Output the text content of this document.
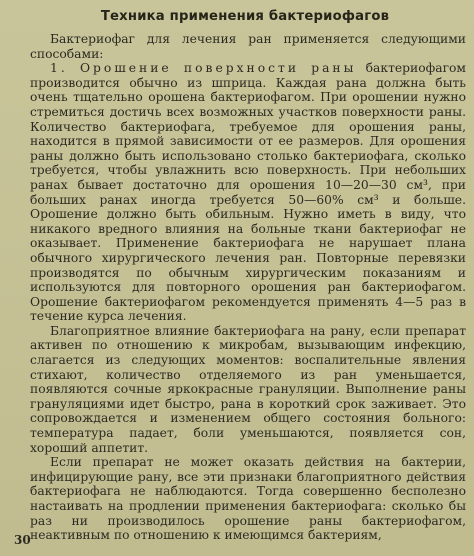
Техника применения бактериофагов

Бактериофаг для лечения ран применяется следующими способами:

1. Орошение поверхности раны бактериофагом производится обычно из шприца. Каждая рана должна быть очень тщательно орошена бактериофагом. При орошении нужно стремиться достичь всех возможных участков поверхности раны. Количество бактериофага, требуемое для орошения раны, находится в прямой зависимости от ее размеров. Для орошения раны должно быть использовано столько бактериофага, сколько требуется, чтобы увлажнить всю поверхность. При небольших ранах бывает достаточно для орошения 10—20—30 см³, при больших ранах иногда требуется 50—60% см³ и больше. Орошение должно быть обильным. Нужно иметь в виду, что никакого вредного влияния на больные ткани бактериофаг не оказывает. Применение бактериофага не нарушает плана обычного хирургического лечения ран. Повторные перевязки производятся по обычным хирургическим показаниям и используются для повторного орошения ран бактериофагом. Орошение бактериофагом рекомендуется применять 4—5 раз в течение курса лечения.

Благоприятное влияние бактериофага на рану, если препарат активен по отношению к микробам, вызывающим инфекцию, слагается из следующих моментов: воспалительные явления стихают, количество отделяемого из ран уменьшается, появляются сочные яркокрасные грануляции. Выполнение раны грануляциями идет быстро, рана в короткий срок заживает. Это сопровождается и изменением общего состояния больного: температура падает, боли уменьшаются, появляется сон, хороший аппетит.

Если препарат не может оказать действия на бактерии, инфицирующие рану, все эти признаки благоприятного действия бактериофага не наблюдаются. Тогда совершенно бесполезно настаивать на продлении применения бактериофага: сколько бы раз ни производилось орошение раны бактериофагом, неактивным по отношению к имеющимся бактериям,

30
